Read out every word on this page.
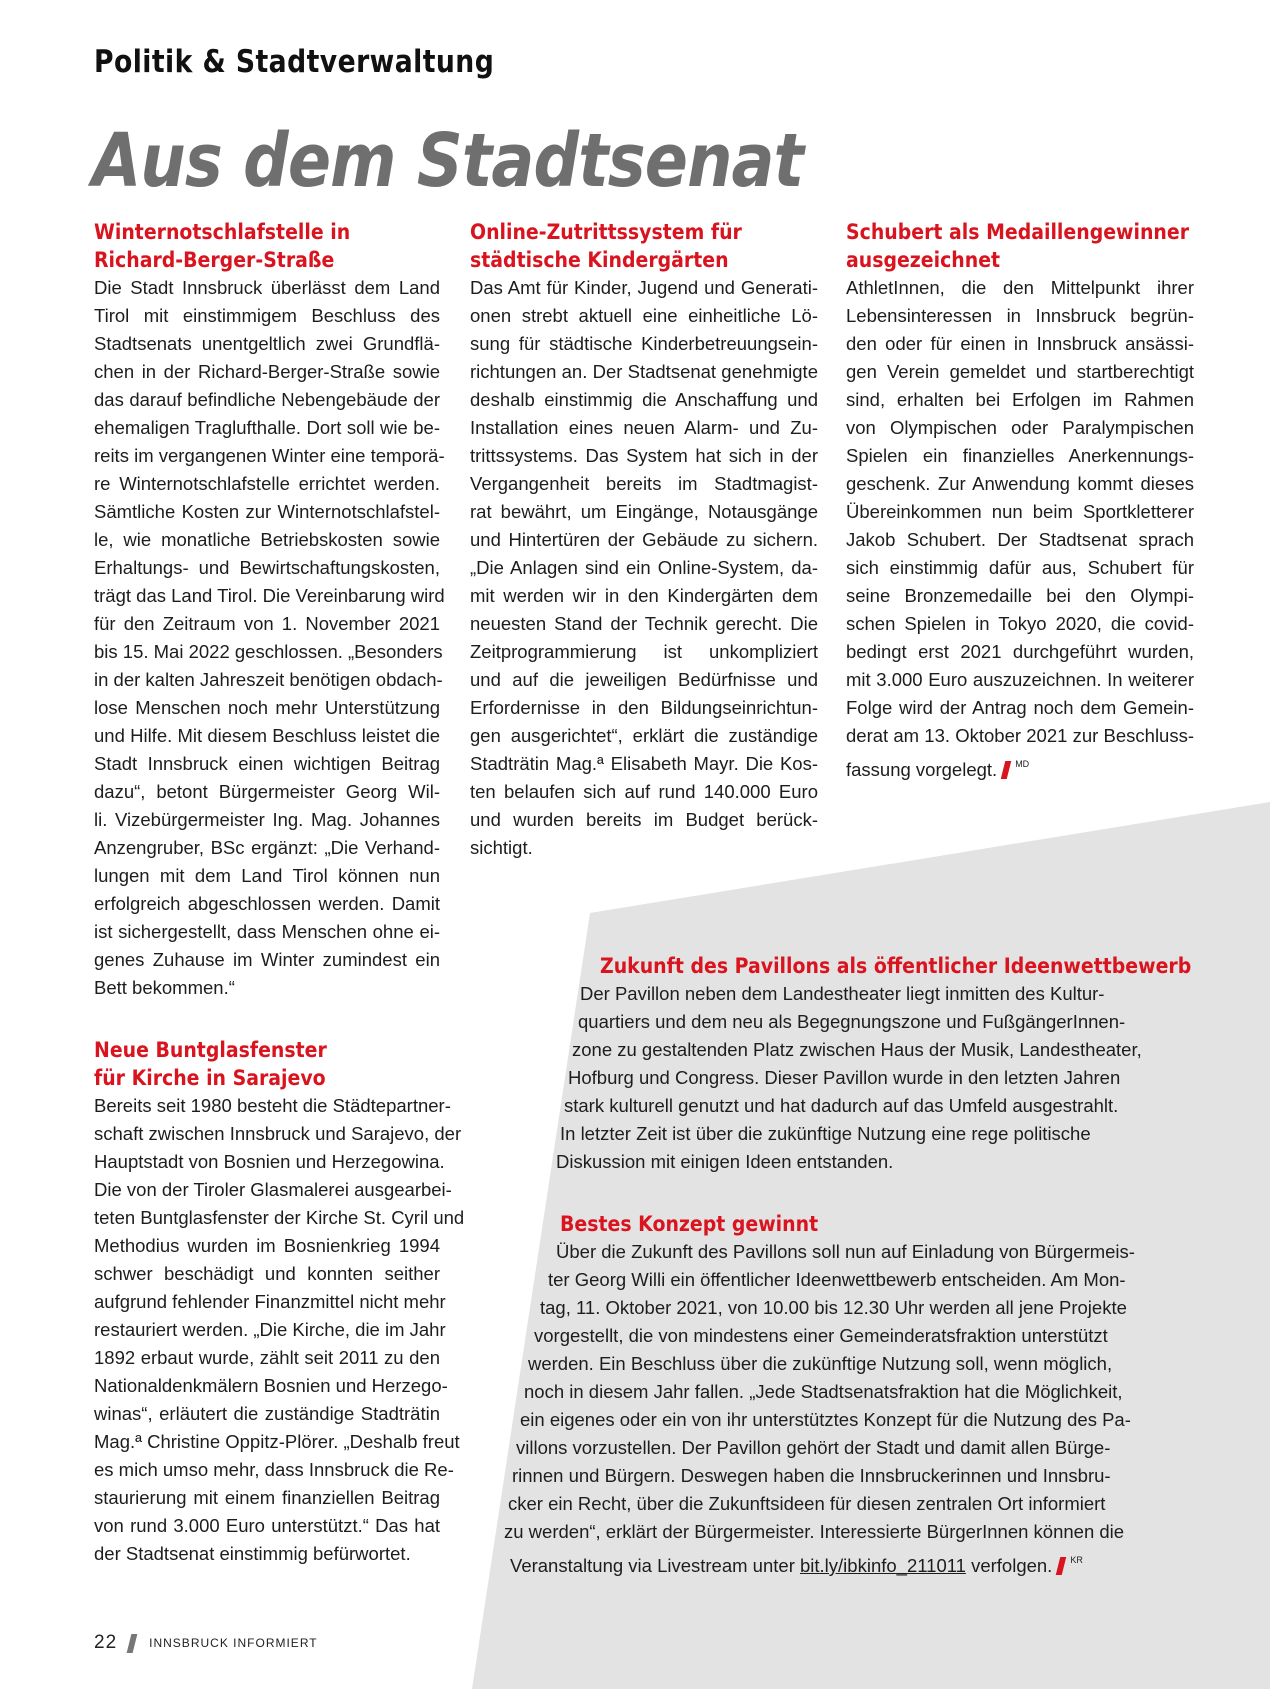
Politik & Stadtverwaltung
Aus dem Stadtsenat
Winternotschlafstelle in
Richard-Berger-Straße
Die Stadt Innsbruck überlässt dem Land
Tirol mit einstimmigem Beschluss des
Stadtsenats unentgeltlich zwei Grundflä-
chen in der Richard-Berger-Straße sowie
das darauf befindliche Nebengebäude der
ehemaligen Traglufthalle. Dort soll wie be-
reits im vergangenen Winter eine temporä-
re Winternotschlafstelle errichtet werden.
Sämtliche Kosten zur Winternotschlafstel-
le, wie monatliche Betriebskosten sowie
Erhaltungs- und Bewirtschaftungskosten,
trägt das Land Tirol. Die Vereinbarung wird
für den Zeitraum von 1. November 2021
bis 15. Mai 2022 geschlossen. „Besonders
in der kalten Jahreszeit benötigen obdach-
lose Menschen noch mehr Unterstützung
und Hilfe. Mit diesem Beschluss leistet die
Stadt Innsbruck einen wichtigen Beitrag
dazu“, betont Bürgermeister Georg Wil-
li. Vizebürgermeister Ing. Mag. Johannes
Anzengruber, BSc ergänzt: „Die Verhand-
lungen mit dem Land Tirol können nun
erfolgreich abgeschlossen werden. Damit
ist sichergestellt, dass Menschen ohne ei-
genes Zuhause im Winter zumindest ein
Bett bekommen.“
Neue Buntglasfenster
für Kirche in Sarajevo
Bereits seit 1980 besteht die Städtepartner-
schaft zwischen Innsbruck und Sarajevo, der
Hauptstadt von Bosnien und Herzegowina.
Die von der Tiroler Glasmalerei ausgearbei-
teten Buntglasfenster der Kirche St. Cyril und
Methodius wurden im Bosnienkrieg 1994
schwer beschädigt und konnten seither
aufgrund fehlender Finanzmittel nicht mehr
restauriert werden. „Die Kirche, die im Jahr
1892 erbaut wurde, zählt seit 2011 zu den
Nationaldenkmälern Bosnien und Herzego-
winas“, erläutert die zuständige Stadträtin
Mag.ª Christine Oppitz-Plörer. „Deshalb freut
es mich umso mehr, dass Innsbruck die Re-
staurierung mit einem finanziellen Beitrag
von rund 3.000 Euro unterstützt.“ Das hat
der Stadtsenat einstimmig befürwortet.
Online-Zutrittssystem für
städtische Kindergärten
Das Amt für Kinder, Jugend und Generati-
onen strebt aktuell eine einheitliche Lö-
sung für städtische Kinderbetreuungsein-
richtungen an. Der Stadtsenat genehmigte
deshalb einstimmig die Anschaffung und
Installation eines neuen Alarm- und Zu-
trittssystems. Das System hat sich in der
Vergangenheit bereits im Stadtmagist-
rat bewährt, um Eingänge, Notausgänge
und Hintertüren der Gebäude zu sichern.
„Die Anlagen sind ein Online-System, da-
mit werden wir in den Kindergärten dem
neuesten Stand der Technik gerecht. Die
Zeitprogrammierung ist unkompliziert
und auf die jeweiligen Bedürfnisse und
Erfordernisse in den Bildungseinrichtun-
gen ausgerichtet“, erklärt die zuständige
Stadträtin Mag.ª Elisabeth Mayr. Die Kos-
ten belaufen sich auf rund 140.000 Euro
und wurden bereits im Budget berück-
sichtigt.
Schubert als Medaillengewinner
ausgezeichnet
AthletInnen, die den Mittelpunkt ihrer
Lebensinteressen in Innsbruck begrün-
den oder für einen in Innsbruck ansässi-
gen Verein gemeldet und startberechtigt
sind, erhalten bei Erfolgen im Rahmen
von Olympischen oder Paralympischen
Spielen ein finanzielles Anerkennungs-
geschenk. Zur Anwendung kommt dieses
Übereinkommen nun beim Sportkletterer
Jakob Schubert. Der Stadtsenat sprach
sich einstimmig dafür aus, Schubert für
seine Bronzemedaille bei den Olympi-
schen Spielen in Tokyo 2020, die covid-
bedingt erst 2021 durchgeführt wurden,
mit 3.000 Euro auszuzeichnen. In weiterer
Folge wird der Antrag noch dem Gemein-
derat am 13. Oktober 2021 zur Beschluss-
fassung vorgelegt. $^{MD}$
Zukunft des Pavillons als öffentlicher Ideenwettbewerb
Der Pavillon neben dem Landestheater liegt inmitten des Kultur-
quartiers und dem neu als Begegnungszone und FußgängerInnen-
zone zu gestaltenden Platz zwischen Haus der Musik, Landestheater,
Hofburg und Congress. Dieser Pavillon wurde in den letzten Jahren
stark kulturell genutzt und hat dadurch auf das Umfeld ausgestrahlt.
In letzter Zeit ist über die zukünftige Nutzung eine rege politische
Diskussion mit einigen Ideen entstanden.
Bestes Konzept gewinnt
Über die Zukunft des Pavillons soll nun auf Einladung von Bürgermeis-
ter Georg Willi ein öffentlicher Ideenwettbewerb entscheiden. Am Mon-
tag, 11. Oktober 2021, von 10.00 bis 12.30 Uhr werden all jene Projekte
vorgestellt, die von mindestens einer Gemeinderatsfraktion unterstützt
werden. Ein Beschluss über die zukünftige Nutzung soll, wenn möglich,
noch in diesem Jahr fallen. „Jede Stadtsenatsfraktion hat die Möglichkeit,
ein eigenes oder ein von ihr unterstütztes Konzept für die Nutzung des Pa-
villons vorzustellen. Der Pavillon gehört der Stadt und damit allen Bürge-
rinnen und Bürgern. Deswegen haben die Innsbruckerinnen und Innsbru-
cker ein Recht, über die Zukunftsideen für diesen zentralen Ort informiert
zu werden“, erklärt der Bürgermeister. Interessierte BürgerInnen können die
Veranstaltung via Livestream unter bit.ly/ibkinfo_211011 verfolgen. $^{KR}$
22	INNSBRUCK INFORMIERT
